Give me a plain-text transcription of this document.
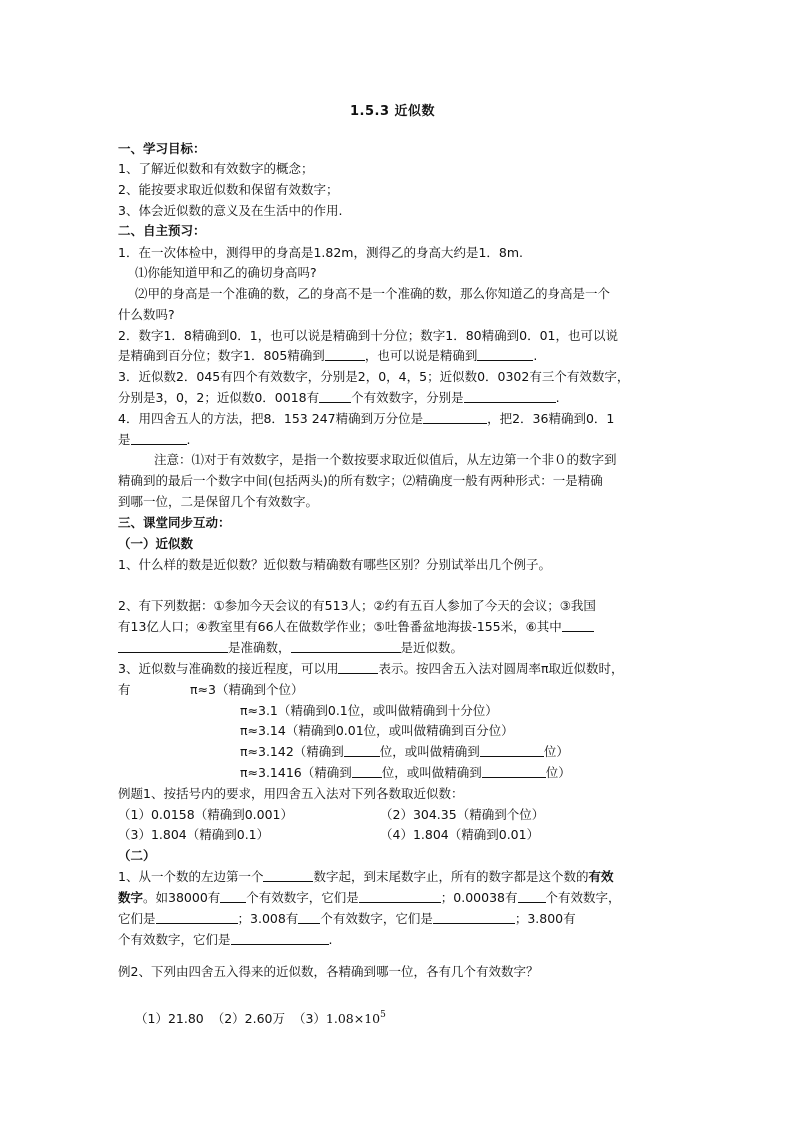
1.5.3 近似数
一、学习目标：
1、了解近似数和有效数字的概念；
2、能按要求取近似数和保留有效数字；
3、体会近似数的意义及在生活中的作用.
二、自主预习：
1．在一次体检中，测得甲的身高是1.82m，测得乙的身高大约是1．8m.
⑴你能知道甲和乙的确切身高吗?
⑵甲的身高是一个准确的数，乙的身高不是一个准确的数，那么你知道乙的身高是一个
什么数吗?
2．数字1．8精确到0．1，也可以说是精确到十分位；数字1．80精确到0．01，也可以说
是精确到百分位；数字1．805精确到	，也可以说是精确到	.
3．近似数2．045有四个有效数字，分别是2，0，4，5；近似数0．0302有三个有效数字，
分别是3，0，2；近似数0．0018有	个有效数字，分别是	.
4．用四舍五人的方法，把8．153 247精确到万分位是	，把2．36精确到0．1
是	.
注意：⑴对于有效数字，是指一个数按要求取近似值后，从左边第一个非０的数字到
精确到的最后一个数字中间(包括两头)的所有数字；⑵精确度一般有两种形式：一是精确
到哪一位，二是保留几个有效数字。
三、课堂同步互动：
（一）近似数
1、什么样的数是近似数？近似数与精确数有哪些区别？分别试举出几个例子。
2、有下列数据：①参加今天会议的有513人；②约有五百人参加了今天的会议；③我国
有13亿人口；④教室里有66人在做数学作业；⑤吐鲁番盆地海拔-155米，⑥其中
是准确数，	是近似数。
3、近似数与准确数的接近程度，可以用	表示。按四舍五入法对圆周率π取近似数时，
有	π≈3（精确到个位）
π≈3.1（精确到0.1位，或叫做精确到十分位）
π≈3.14（精确到0.01位，或叫做精确到百分位）
π≈3.142（精确到	位，或叫做精确到	位）
π≈3.1416（精确到 位，或叫做精确到	位）
例题1、按括号内的要求，用四舍五入法对下列各数取近似数：
（1）0.0158（精确到0.001）	（2）304.35（精确到个位）
（3）1.804（精确到0.1）	（4）1.804（精确到0.01）
（二）
1、从一个数的左边第一个	数字起，到末尾数字止，所有的数字都是这个数的有效
数字。如38000有 个有效数字，它们是	；0.00038有 个有效数字，
它们是	；3.008有 个有效数字，它们是	；3.800有
个有效数字，它们是	.
例2、下列由四舍五入得来的近似数，各精确到哪一位，各有几个有效数字？
（1）21.80 （2）2.60万 $(3)1.08\times 10^5$
